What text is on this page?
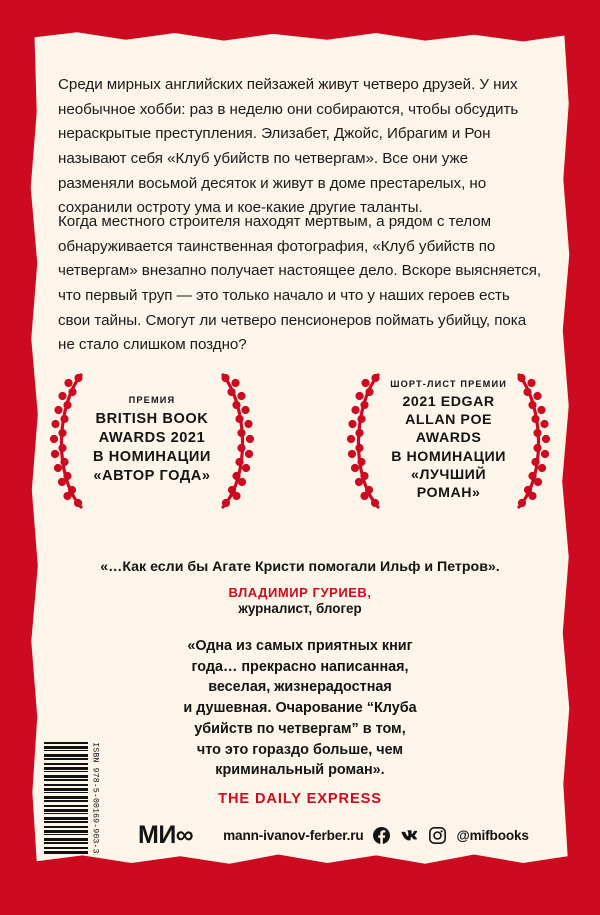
Среди мирных английских пейзажей живут четверо друзей. У них необычное хобби: раз в неделю они собираются, чтобы обсудить нераскрытые преступления. Элизабет, Джойс, Ибрагим и Рон называют себя «Клуб убийств по четвергам». Все они уже разменяли восьмой десяток и живут в доме престарелых, но сохранили остроту ума и кое-какие другие таланты.
Когда местного строителя находят мертвым, а рядом с телом обнаруживается таинственная фотография, «Клуб убийств по четвергам» внезапно получает настоящее дело. Вскоре выясняется, что первый труп — это только начало и что у наших героев есть свои тайны. Смогут ли четверо пенсионеров поймать убийцу, пока не стало слишком поздно?
ПРЕМИЯ
BRITISH BOOK
AWARDS 2021
В НОМИНАЦИИ
«АВТОР ГОДА»
ШОРТ-ЛИСТ ПРЕМИИ
2021 EDGAR
ALLAN POE
AWARDS
В НОМИНАЦИИ
«ЛУЧШИЙ
РОМАН»
«…Как если бы Агате Кристи помогали Ильф и Петров».
ВЛАДИМИР ГУРИЕВ,
журналист, блогер
«Одна из самых приятных книг
года… прекрасно написанная,
веселая, жизнерадостная
и душевная. Очарование “Клуба
убийств по четвергам” в том,
что это гораздо больше, чем
криминальный роман».
THE DAILY EXPRESS
ISBN 978-5-00169-903-3 МИ∞ mann-ivanov-ferber.ru	@mifbooks
